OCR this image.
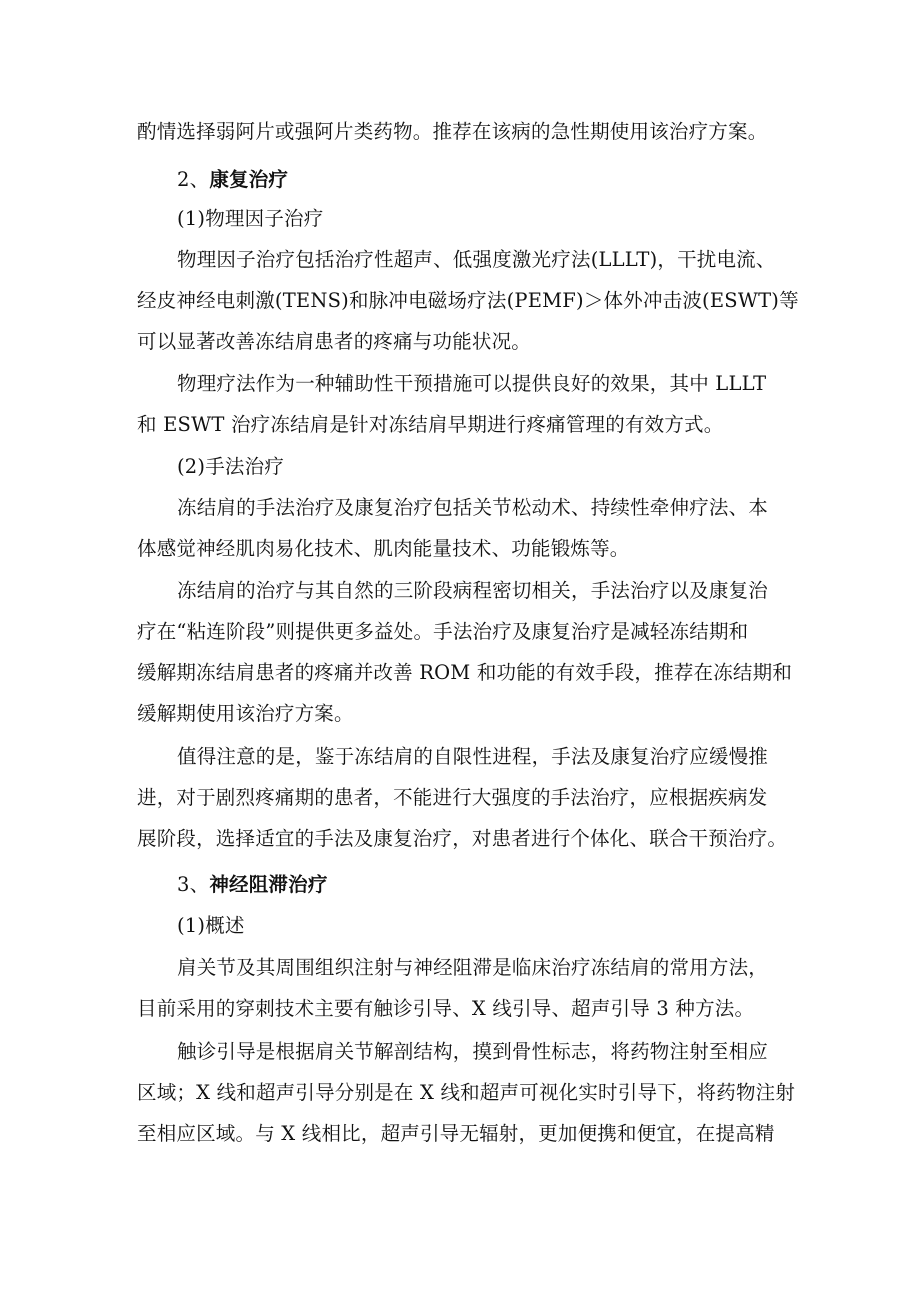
酌情选择弱阿片或强阿片类药物。推荐在该病的急性期使用该治疗方案。
2、康复治疗
(1)物理因子治疗
物理因子治疗包括治疗性超声、低强度激光疗法(LLLT)，干扰电流、
经皮神经电刺激(TENS)和脉冲电磁场疗法(PEMF)＞体外冲击波(ESWT)等
可以显著改善冻结肩患者的疼痛与功能状况。
物理疗法作为一种辅助性干预措施可以提供良好的效果，其中 LLLT
和 ESWT 治疗冻结肩是针对冻结肩早期进行疼痛管理的有效方式。
(2)手法治疗
冻结肩的手法治疗及康复治疗包括关节松动术、持续性牵伸疗法、本
体感觉神经肌肉易化技术、肌肉能量技术、功能锻炼等。
冻结肩的治疗与其自然的三阶段病程密切相关，手法治疗以及康复治
疗在“粘连阶段”则提供更多益处。手法治疗及康复治疗是减轻冻结期和
缓解期冻结肩患者的疼痛并改善 ROM 和功能的有效手段，推荐在冻结期和
缓解期使用该治疗方案。
值得注意的是，鉴于冻结肩的自限性进程，手法及康复治疗应缓慢推
进，对于剧烈疼痛期的患者，不能进行大强度的手法治疗，应根据疾病发
展阶段，选择适宜的手法及康复治疗，对患者进行个体化、联合干预治疗。
3、神经阻滞治疗
(1)概述
肩关节及其周围组织注射与神经阻滞是临床治疗冻结肩的常用方法，
目前采用的穿刺技术主要有触诊引导、X 线引导、超声引导 3 种方法。
触诊引导是根据肩关节解剖结构，摸到骨性标志，将药物注射至相应
区域；X 线和超声引导分别是在 X 线和超声可视化实时引导下，将药物注射
至相应区域。与 X 线相比，超声引导无辐射，更加便携和便宜，在提高精
